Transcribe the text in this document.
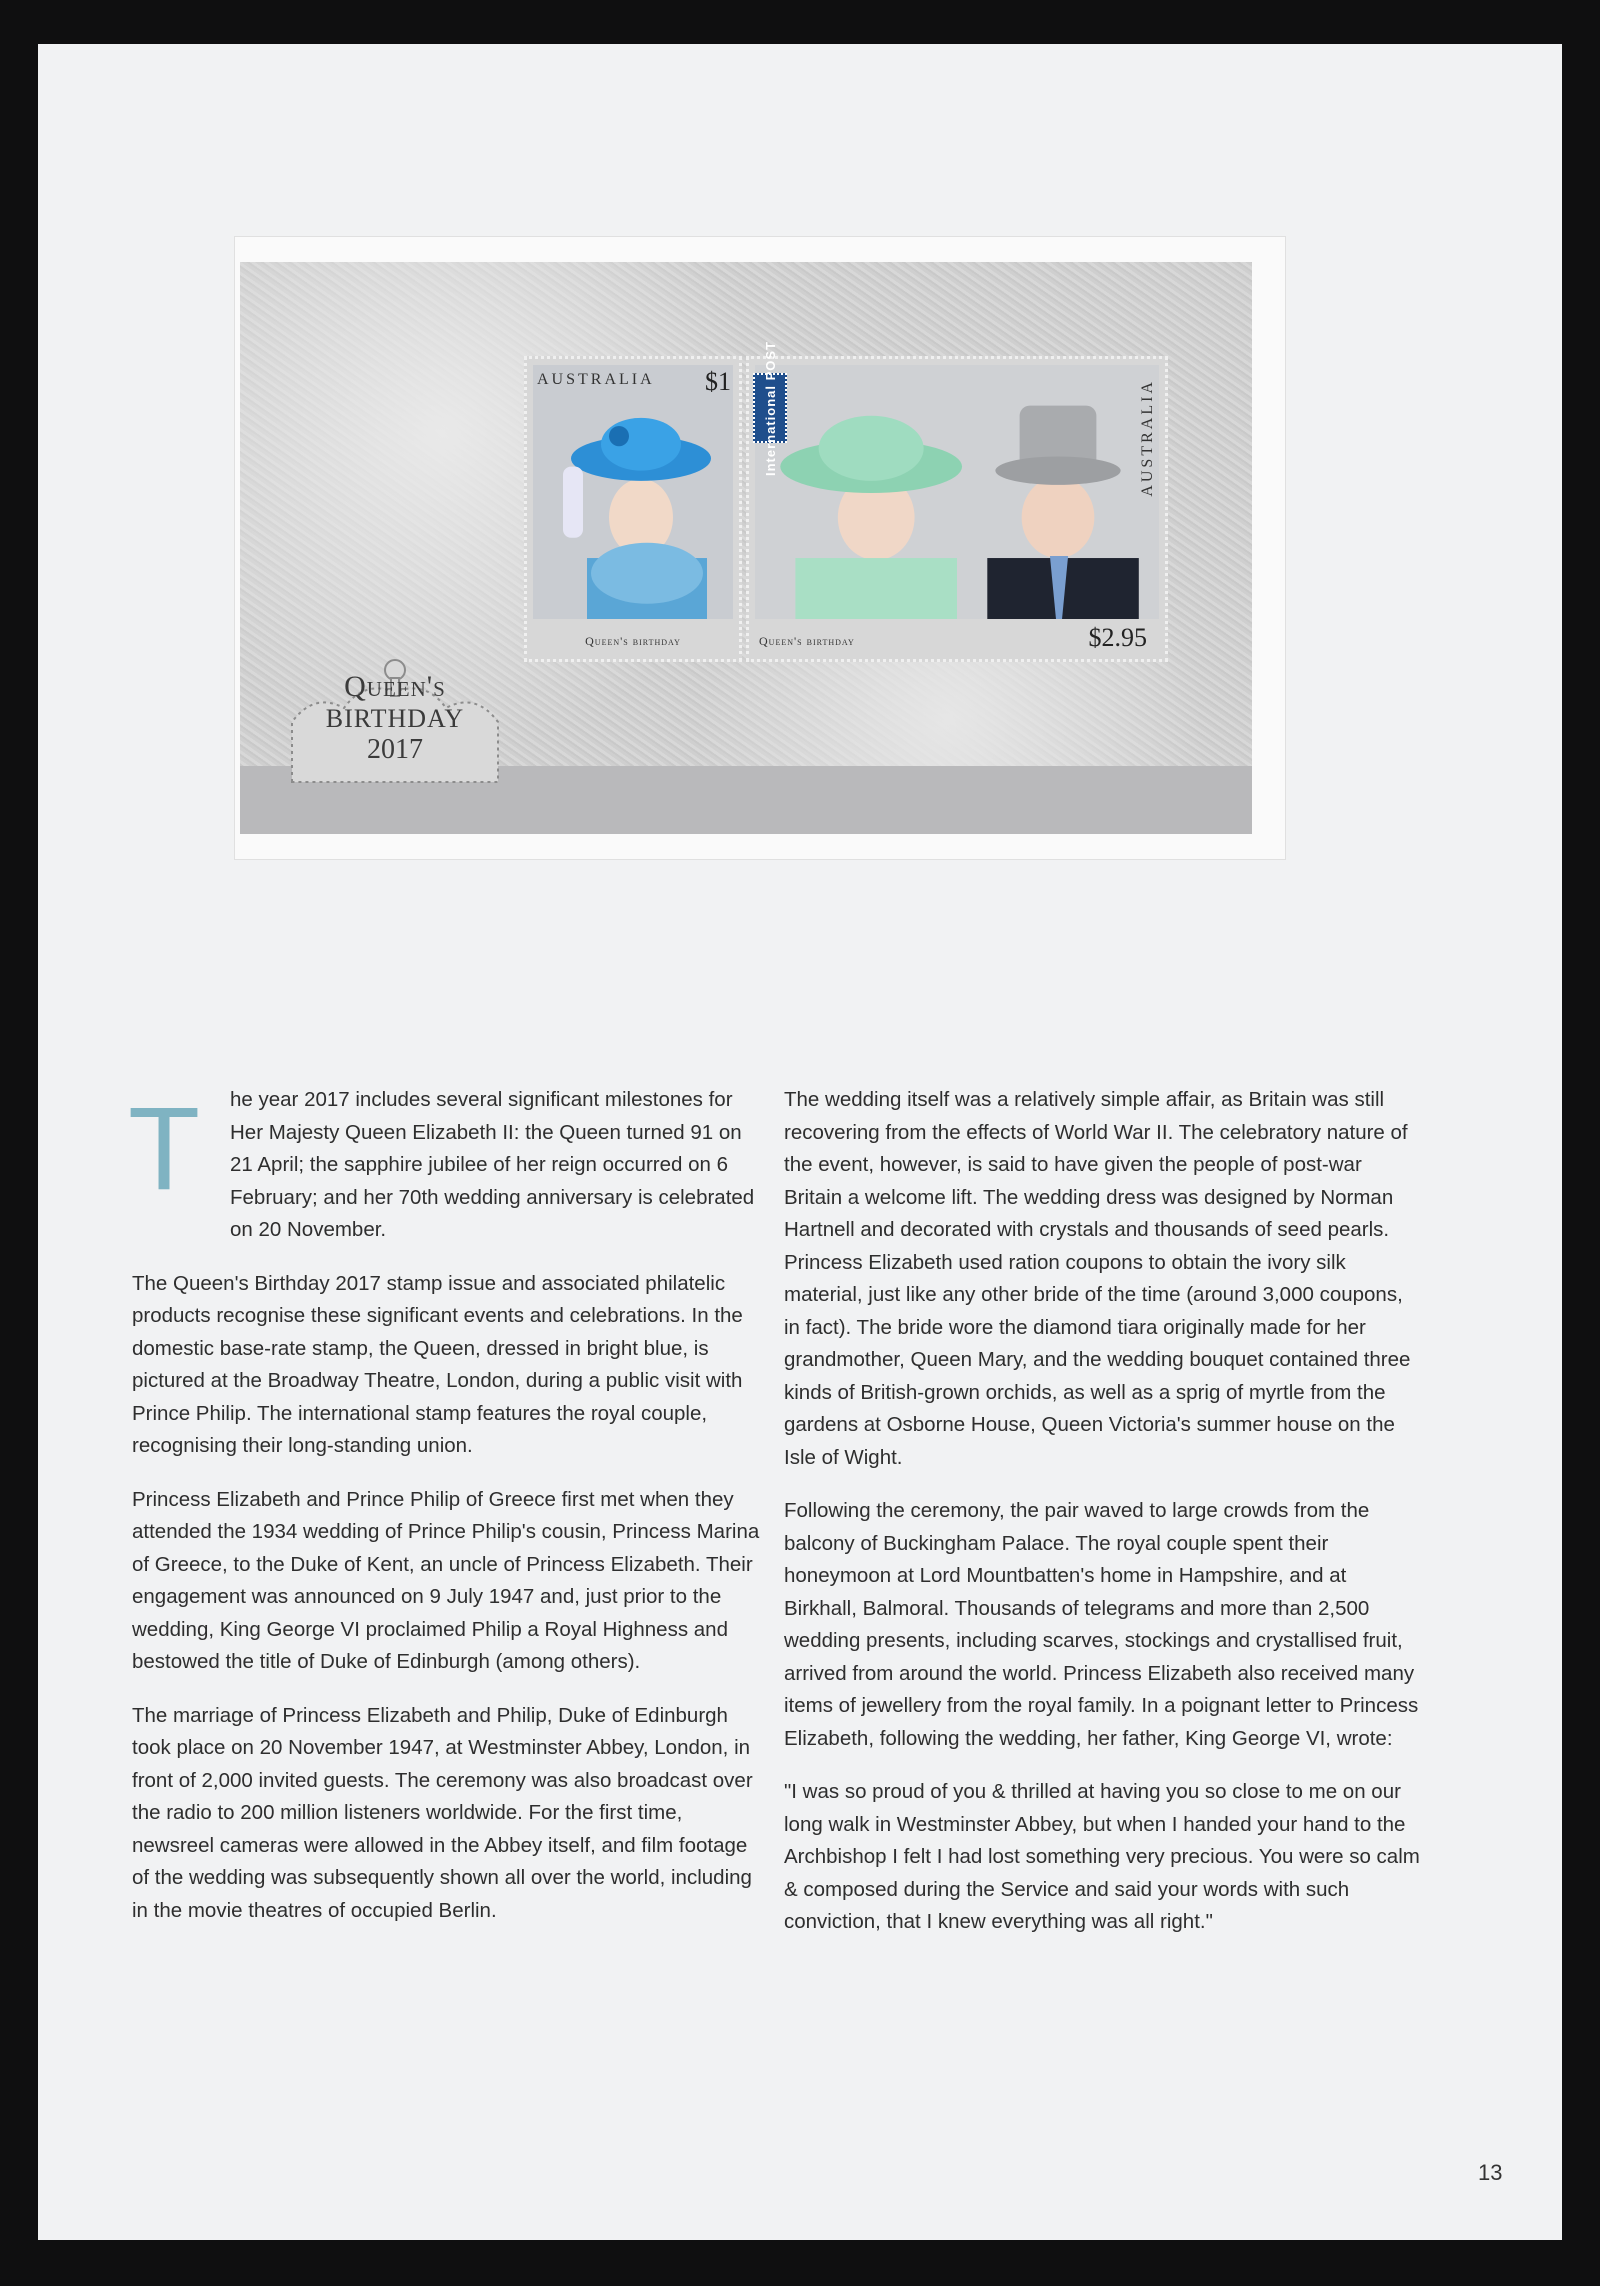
Queen's
BIRTHDAY
2017
AUSTRALIA $1
Queen's birthday
International POST	AUSTRALIA
$2.95
Queen's birthday
T	he year 2017 includes several significant milestones for Her Majesty Queen Elizabeth II: the Queen turned 91 on 21 April; the sapphire jubilee of her reign occurred on 6 February; and her 70th wedding anniversary is celebrated on 20 November.

The Queen's Birthday 2017 stamp issue and associated philatelic products recognise these significant events and celebrations. In the domestic base-rate stamp, the Queen, dressed in bright blue, is pictured at the Broadway Theatre, London, during a public visit with Prince Philip. The international stamp features the royal couple, recognising their long-standing union.

Princess Elizabeth and Prince Philip of Greece first met when they attended the 1934 wedding of Prince Philip's cousin, Princess Marina of Greece, to the Duke of Kent, an uncle of Princess Elizabeth. Their engagement was announced on 9 July 1947 and, just prior to the wedding, King George VI proclaimed Philip a Royal Highness and bestowed the title of Duke of Edinburgh (among others).

The marriage of Princess Elizabeth and Philip, Duke of Edinburgh took place on 20 November 1947, at Westminster Abbey, London, in front of 2,000 invited guests. The ceremony was also broadcast over the radio to 200 million listeners worldwide. For the first time, newsreel cameras were allowed in the Abbey itself, and film footage of the wedding was subsequently shown all over the world, including in the movie theatres of occupied Berlin.

The wedding itself was a relatively simple affair, as Britain was still recovering from the effects of World War II. The celebratory nature of the event, however, is said to have given the people of post-war Britain a welcome lift. The wedding dress was designed by Norman Hartnell and decorated with crystals and thousands of seed pearls. Princess Elizabeth used ration coupons to obtain the ivory silk material, just like any other bride of the time (around 3,000 coupons, in fact). The bride wore the diamond tiara originally made for her grandmother, Queen Mary, and the wedding bouquet contained three kinds of British-grown orchids, as well as a sprig of myrtle from the gardens at Osborne House, Queen Victoria's summer house on the Isle of Wight.

Following the ceremony, the pair waved to large crowds from the balcony of Buckingham Palace. The royal couple spent their honeymoon at Lord Mountbatten's home in Hampshire, and at Birkhall, Balmoral. Thousands of telegrams and more than 2,500 wedding presents, including scarves, stockings and crystallised fruit, arrived from around the world. Princess Elizabeth also received many items of jewellery from the royal family. In a poignant letter to Princess Elizabeth, following the wedding, her father, King George VI, wrote:

"I was so proud of you & thrilled at having you so close to me on our long walk in Westminster Abbey, but when I handed your hand to the Archbishop I felt I had lost something very precious. You were so calm & composed during the Service and said your words with such conviction, that I knew everything was all right."

13
